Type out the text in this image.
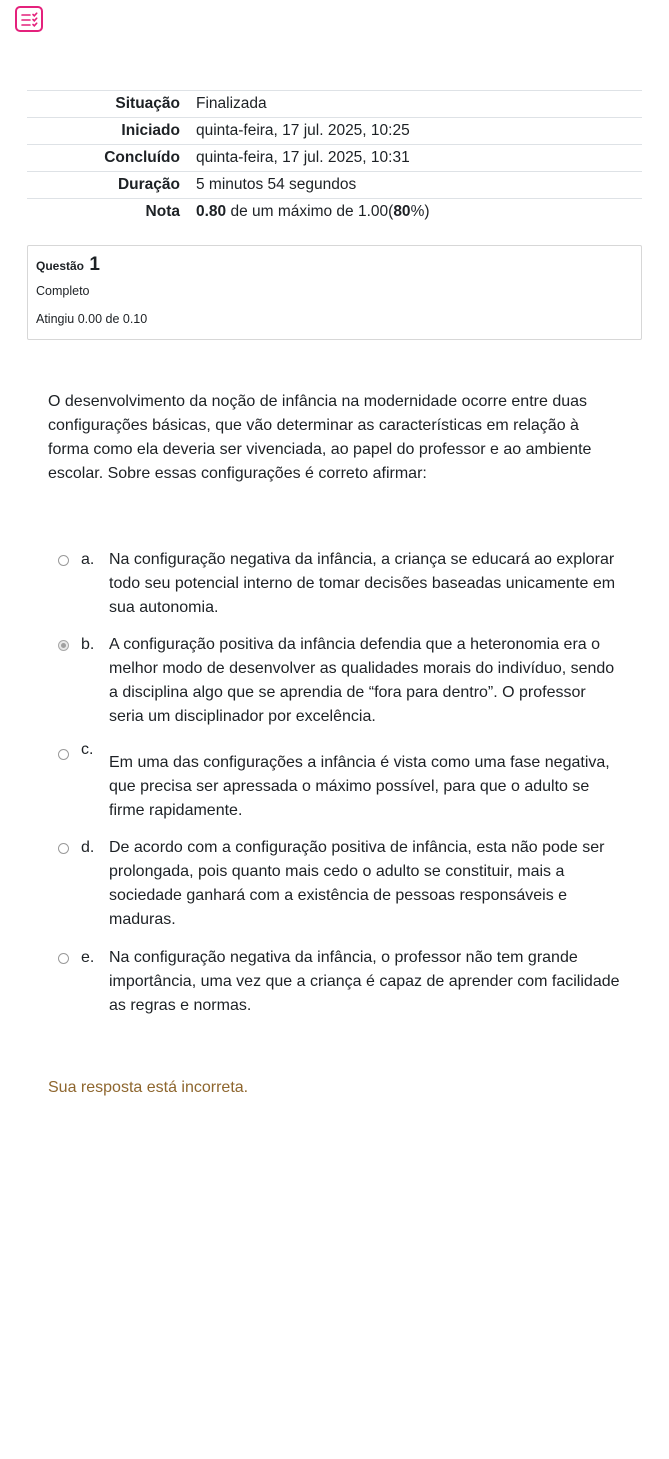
Situação Finalizada
Iniciado quinta-feira, 17 jul. 2025, 10:25
Concluído quinta-feira, 17 jul. 2025, 10:31
Duração 5 minutos 54 segundos
Nota 0.80 de um máximo de 1.00(80%)
Questão 1
Completo
Atingiu 0.00 de 0.10
O desenvolvimento da noção de infância na modernidade ocorre entre duas configurações básicas, que vão determinar as características em relação à forma como ela deveria ser vivenciada, ao papel do professor e ao ambiente escolar. Sobre essas configurações é correto afirmar:
a. Na configuração negativa da infância, a criança se educará ao explorar todo seu potencial interno de tomar decisões baseadas unicamente em sua autonomia.
b. A configuração positiva da infância defendia que a heteronomia era o melhor modo de desenvolver as qualidades morais do indivíduo, sendo a disciplina algo que se aprendia de “fora para dentro”. O professor seria um disciplinador por excelência.
c.
Em uma das configurações a infância é vista como uma fase negativa, que precisa ser apressada o máximo possível, para que o adulto se firme rapidamente.
d. De acordo com a configuração positiva de infância, esta não pode ser prolongada, pois quanto mais cedo o adulto se constituir, mais a sociedade ganhará com a existência de pessoas responsáveis e maduras.
e. Na configuração negativa da infância, o professor não tem grande importância, uma vez que a criança é capaz de aprender com facilidade as regras e normas.
Sua resposta está incorreta.
